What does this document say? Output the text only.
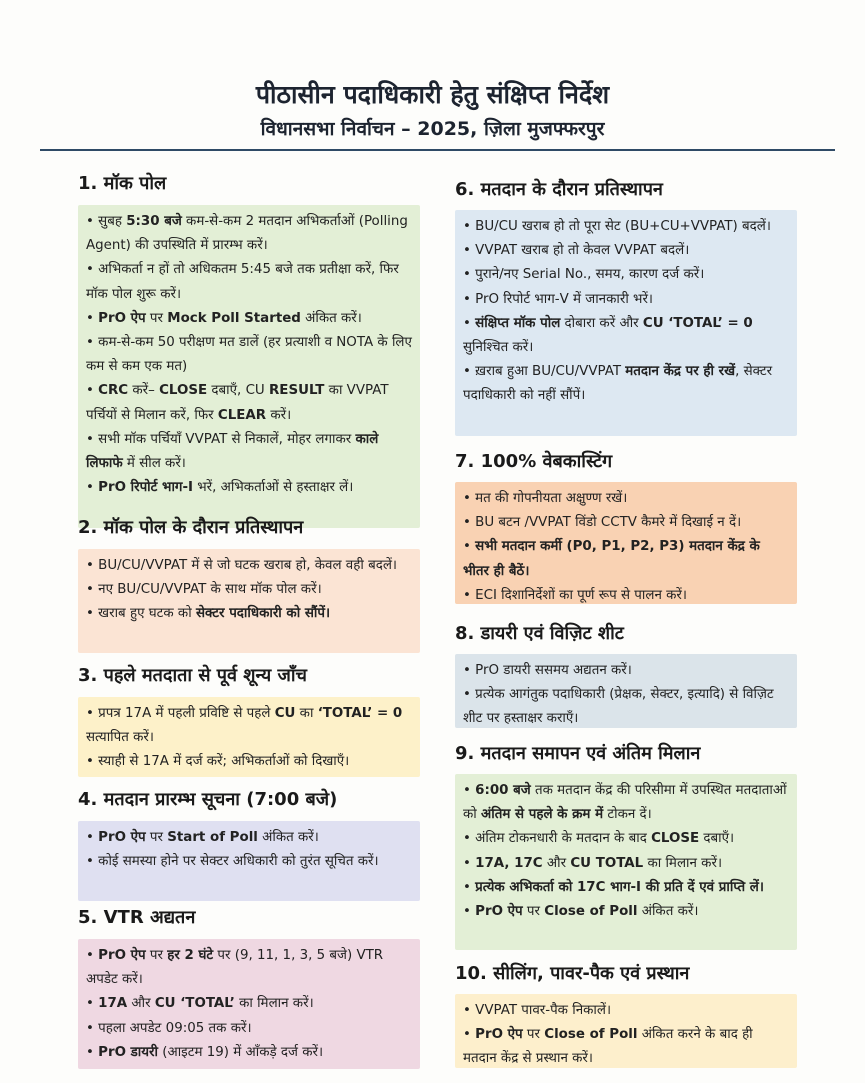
पीठासीन पदाधिकारी हेतु संक्षिप्त निर्देश
विधानसभा निर्वाचन – 2025, ज़िला मुजफ्फरपुर
1. मॉक पोल
• सुबह 5:30 बजे कम-से-कम 2 मतदान अभिकर्ताओं (Polling Agent) की उपस्थिति में प्रारम्भ करें।
• अभिकर्ता न हों तो अधिकतम 5:45 बजे तक प्रतीक्षा करें, फिर मॉक पोल शुरू करें।
• PrO ऐप पर Mock Poll Started अंकित करें।
• कम-से-कम 50 परीक्षण मत डालें (हर प्रत्याशी व NOTA के लिए कम से कम एक मत)
• CRC करें– CLOSE दबाएँ, CU RESULT का VVPAT पर्चियों से मिलान करें, फिर CLEAR करें।
• सभी मॉक पर्चियाँ VVPAT से निकालें, मोहर लगाकर काले लिफाफे में सील करें।
• PrO रिपोर्ट भाग-I भरें, अभिकर्ताओं से हस्ताक्षर लें।
2. मॉक पोल के दौरान प्रतिस्थापन
• BU/CU/VVPAT में से जो घटक खराब हो, केवल वही बदलें।
• नए BU/CU/VVPAT के साथ मॉक पोल करें।
• खराब हुए घटक को सेक्टर पदाधिकारी को सौंपें।
3. पहले मतदाता से पूर्व शून्य जाँच
• प्रपत्र 17A में पहली प्रविष्टि से पहले CU का ‘TOTAL’ = 0 सत्यापित करें।
• स्याही से 17A में दर्ज करें; अभिकर्ताओं को दिखाएँ।
4. मतदान प्रारम्भ सूचना (7:00 बजे)
• PrO ऐप पर Start of Poll अंकित करें।
• कोई समस्या होने पर सेक्टर अधिकारी को तुरंत सूचित करें।
5. VTR अद्यतन
• PrO ऐप पर हर 2 घंटे पर (9, 11, 1, 3, 5 बजे) VTR अपडेट करें।
• 17A और CU ‘TOTAL’ का मिलान करें।
• पहला अपडेट 09:05 तक करें।
• PrO डायरी (आइटम 19) में आँकड़े दर्ज करें।
6. मतदान के दौरान प्रतिस्थापन
• BU/CU खराब हो तो पूरा सेट (BU+CU+VVPAT) बदलें।
• VVPAT खराब हो तो केवल VVPAT बदलें।
• पुराने/नए Serial No., समय, कारण दर्ज करें।
• PrO रिपोर्ट भाग-V में जानकारी भरें।
• संक्षिप्त मॉक पोल दोबारा करें और CU ‘TOTAL’ = 0 सुनिश्चित करें।
• ख़राब हुआ BU/CU/VVPAT मतदान केंद्र पर ही रखें, सेक्टर पदाधिकारी को नहीं सौंपें।
7. 100% वेबकास्टिंग
• मत की गोपनीयता अक्षुण्ण रखें।
• BU बटन /VVPAT विंडो CCTV कैमरे में दिखाई न दें।
• सभी मतदान कर्मी (P0, P1, P2, P3) मतदान केंद्र के भीतर ही बैठें।
• ECI दिशानिर्देशों का पूर्ण रूप से पालन करें।
8. डायरी एवं विज़िट शीट
• PrO डायरी ससमय अद्यतन करें।
• प्रत्येक आगंतुक पदाधिकारी (प्रेक्षक, सेक्टर, इत्यादि) से विज़िट शीट पर हस्ताक्षर कराएँ।
9. मतदान समापन एवं अंतिम मिलान
• 6:00 बजे तक मतदान केंद्र की परिसीमा में उपस्थित मतदाताओं को अंतिम से पहले के क्रम में टोकन दें।
• अंतिम टोकनधारी के मतदान के बाद CLOSE दबाएँ।
• 17A, 17C और CU TOTAL का मिलान करें।
• प्रत्येक अभिकर्ता को 17C भाग-I की प्रति दें एवं प्राप्ति लें।
• PrO ऐप पर Close of Poll अंकित करें।
10. सीलिंग, पावर-पैक एवं प्रस्थान
• VVPAT पावर-पैक निकालें।
• PrO ऐप पर Close of Poll अंकित करने के बाद ही मतदान केंद्र से प्रस्थान करें।
